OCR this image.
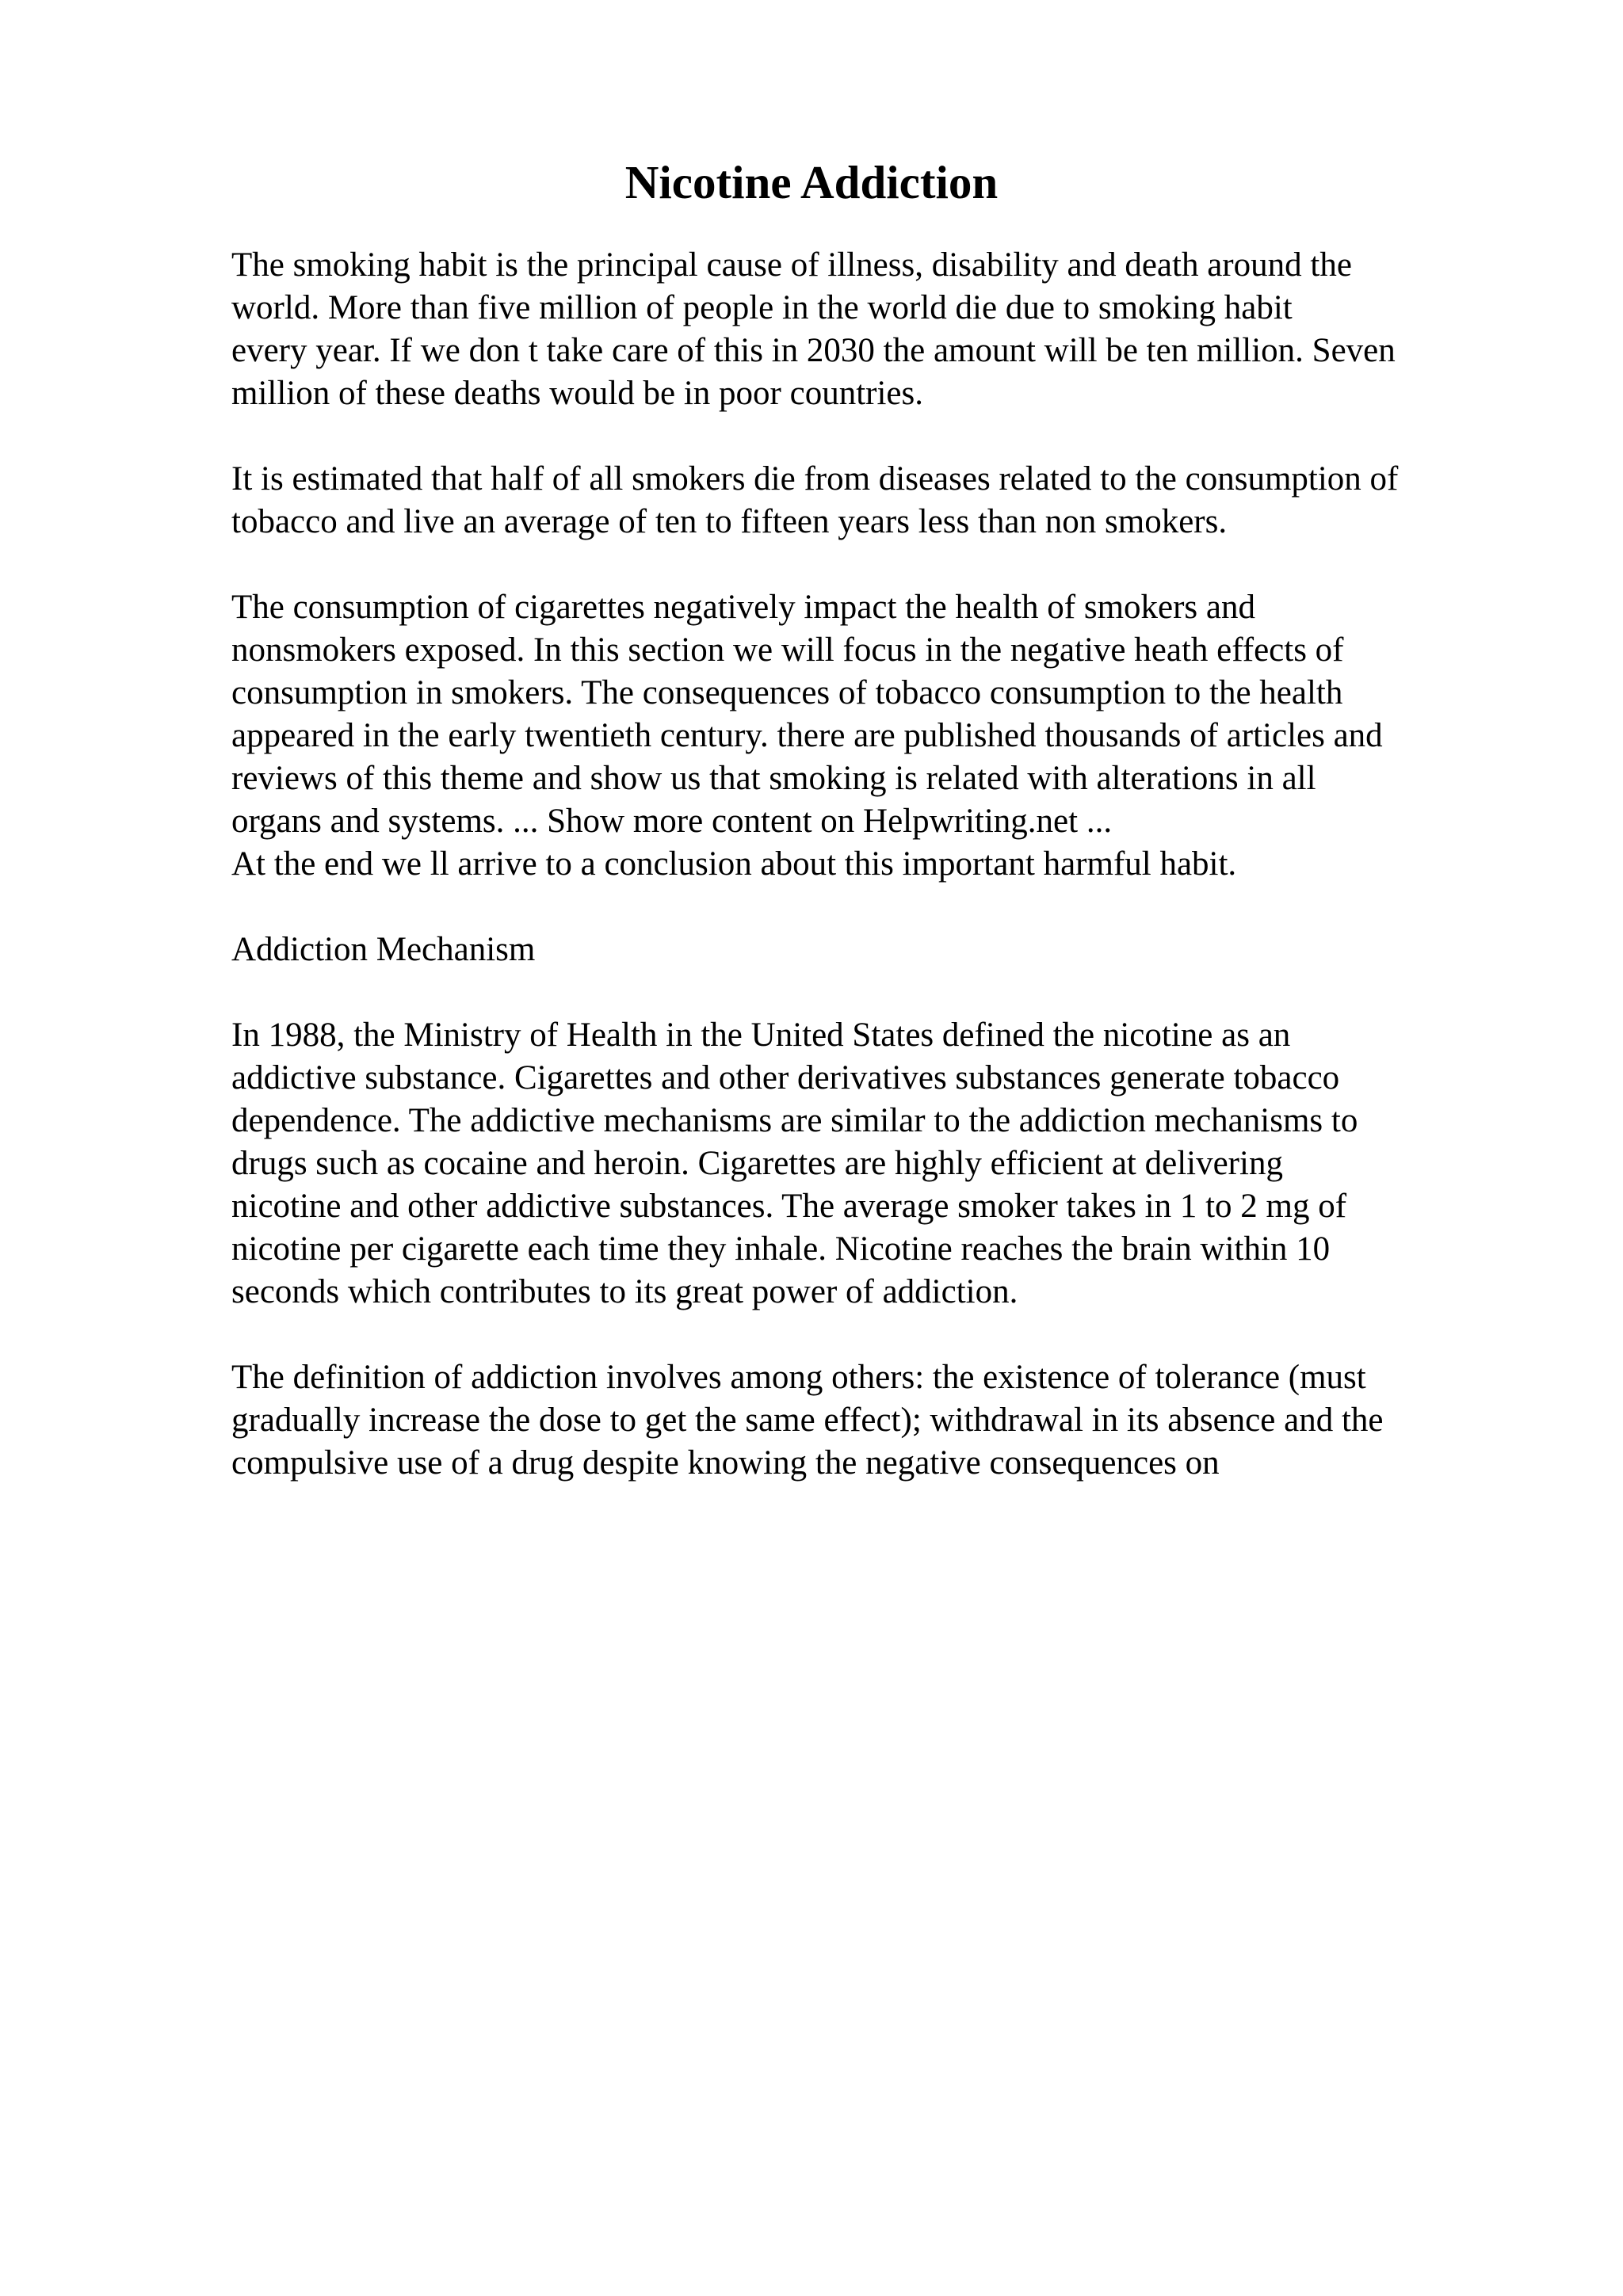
Nicotine Addiction

The smoking habit is the principal cause of illness, disability and death around the
world. More than five million of people in the world die due to smoking habit
every year. If we don t take care of this in 2030 the amount will be ten million. Seven
million of these deaths would be in poor countries.

It is estimated that half of all smokers die from diseases related to the consumption of
tobacco and live an average of ten to fifteen years less than non smokers.

The consumption of cigarettes negatively impact the health of smokers and
nonsmokers exposed. In this section we will focus in the negative heath effects of
consumption in smokers. The consequences of tobacco consumption to the health
appeared in the early twentieth century. there are published thousands of articles and
reviews of this theme and show us that smoking is related with alterations in all
organs and systems. ... Show more content on Helpwriting.net ...
At the end we ll arrive to a conclusion about this important harmful habit.

Addiction Mechanism

In 1988, the Ministry of Health in the United States defined the nicotine as an
addictive substance. Cigarettes and other derivatives substances generate tobacco
dependence. The addictive mechanisms are similar to the addiction mechanisms to
drugs such as cocaine and heroin. Cigarettes are highly efficient at delivering
nicotine and other addictive substances. The average smoker takes in 1 to 2 mg of
nicotine per cigarette each time they inhale. Nicotine reaches the brain within 10
seconds which contributes to its great power of addiction.

The definition of addiction involves among others: the existence of tolerance (must
gradually increase the dose to get the same effect); withdrawal in its absence and the
compulsive use of a drug despite knowing the negative consequences on
